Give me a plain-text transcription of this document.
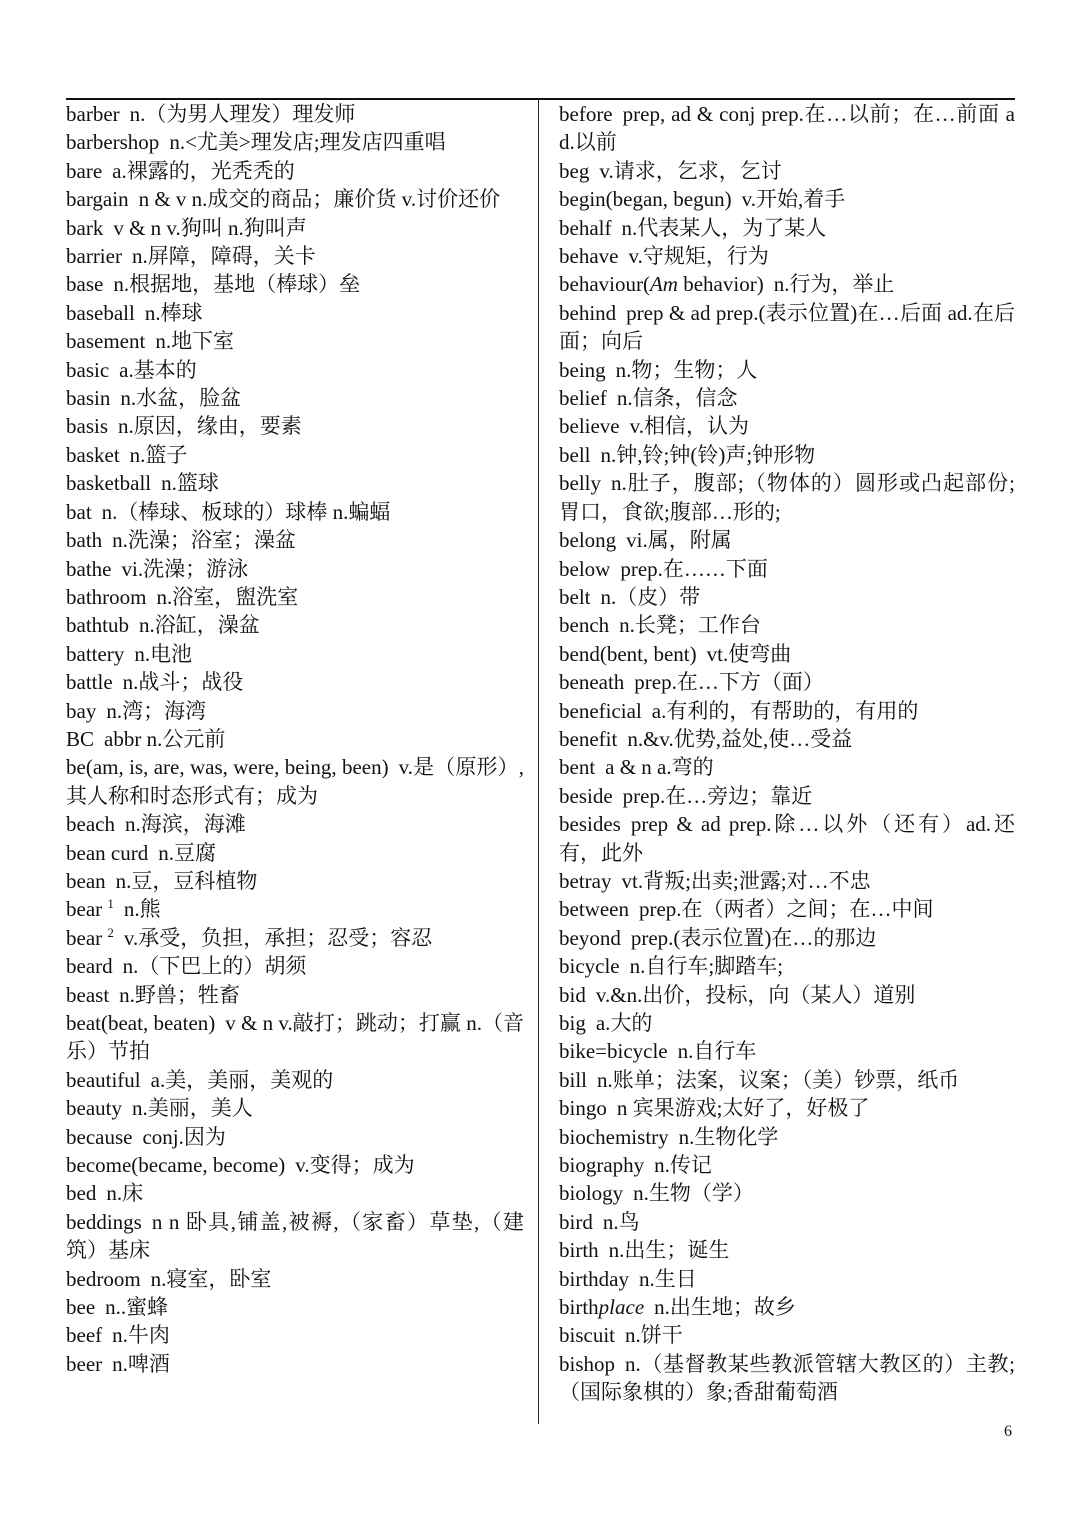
barber n.（为男人理发）理发师

barbershop n.<尤美>理发店;理发店四重唱

bare a.裸露的，光秃秃的

bargain n & v n.成交的商品；廉价货 v.讨价还价

bark v & n v.狗叫 n.狗叫声

barrier n.屏障，障碍，关卡

base n.根据地，基地（棒球）垒

baseball n.棒球

basement n.地下室

basic a.基本的

basin n.水盆，脸盆

basis n.原因，缘由，要素

basket n.篮子

basketball n.篮球

bat n.（棒球、板球的）球棒 n.蝙蝠

bath n.洗澡；浴室；澡盆

bathe vi.洗澡；游泳

bathroom n.浴室，盥洗室

bathtub n.浴缸，澡盆

battery n.电池

battle n.战斗；战役

bay n.湾；海湾

BC abbr n.公元前

be(am, is, are, was, were, being, been) v.是（原形）,其人称和时态形式有；成为

beach n.海滨，海滩

bean curd n.豆腐

bean n.豆，豆科植物

bear $^1$ n.熊

bear $^2$ v.承受，负担，承担；忍受；容忍

beard n.（下巴上的）胡须

beast n.野兽；牲畜

beat(beat, beaten) v & n v.敲打；跳动；打赢 n.（音乐）节拍

beautiful a.美，美丽，美观的

beauty n.美丽，美人

because conj.因为

become(became, become) v.变得；成为

bed n.床

beddings n n 卧具,铺盖,被褥,（家畜）草垫,（建筑）基床

bedroom n.寝室，卧室

bee n..蜜蜂

beef n.牛肉

beer n.啤酒

before prep, ad & conj prep.在…以前；在…前面 ad.以前

beg v.请求，乞求，乞讨

begin(began, begun) v.开始,着手

behalf n.代表某人，为了某人

behave v.守规矩，行为

behaviour(Am behavior) n.行为，举止

behind prep & ad prep.(表示位置)在…后面 ad.在后面；向后

being n.物；生物；人

belief n.信条，信念

believe v.相信，认为

bell n.钟,铃;钟(铃)声;钟形物

belly n.肚子，腹部;（物体的）圆形或凸起部份;胃口，食欲;腹部…形的;

belong vi.属，附属

below prep.在……下面

belt n.（皮）带

bench n.长凳；工作台

bend(bent, bent) vt.使弯曲

beneath prep.在…下方（面）

beneficial a.有利的，有帮助的，有用的

benefit n.&v.优势,益处,使…受益

bent a & n a.弯的

beside prep.在…旁边；靠近

besides prep & ad prep.除…以外（还有）ad.还有，此外

betray vt.背叛;出卖;泄露;对…不忠

between prep.在（两者）之间；在…中间

beyond prep.(表示位置)在…的那边

bicycle n.自行车;脚踏车;

bid v.&n.出价，投标，向（某人）道别

big a.大的

bike=bicycle n.自行车

bill n.账单；法案，议案；（美）钞票，纸币

bingo n 宾果游戏;太好了，好极了

biochemistry n.生物化学

biography n.传记

biology n.生物（学）

bird n.鸟

birth n.出生；诞生

birthday n.生日

birthplace n.出生地；故乡

biscuit n.饼干

bishop n.（基督教某些教派管辖大教区的）主教;（国际象棋的）象;香甜葡萄酒

6
